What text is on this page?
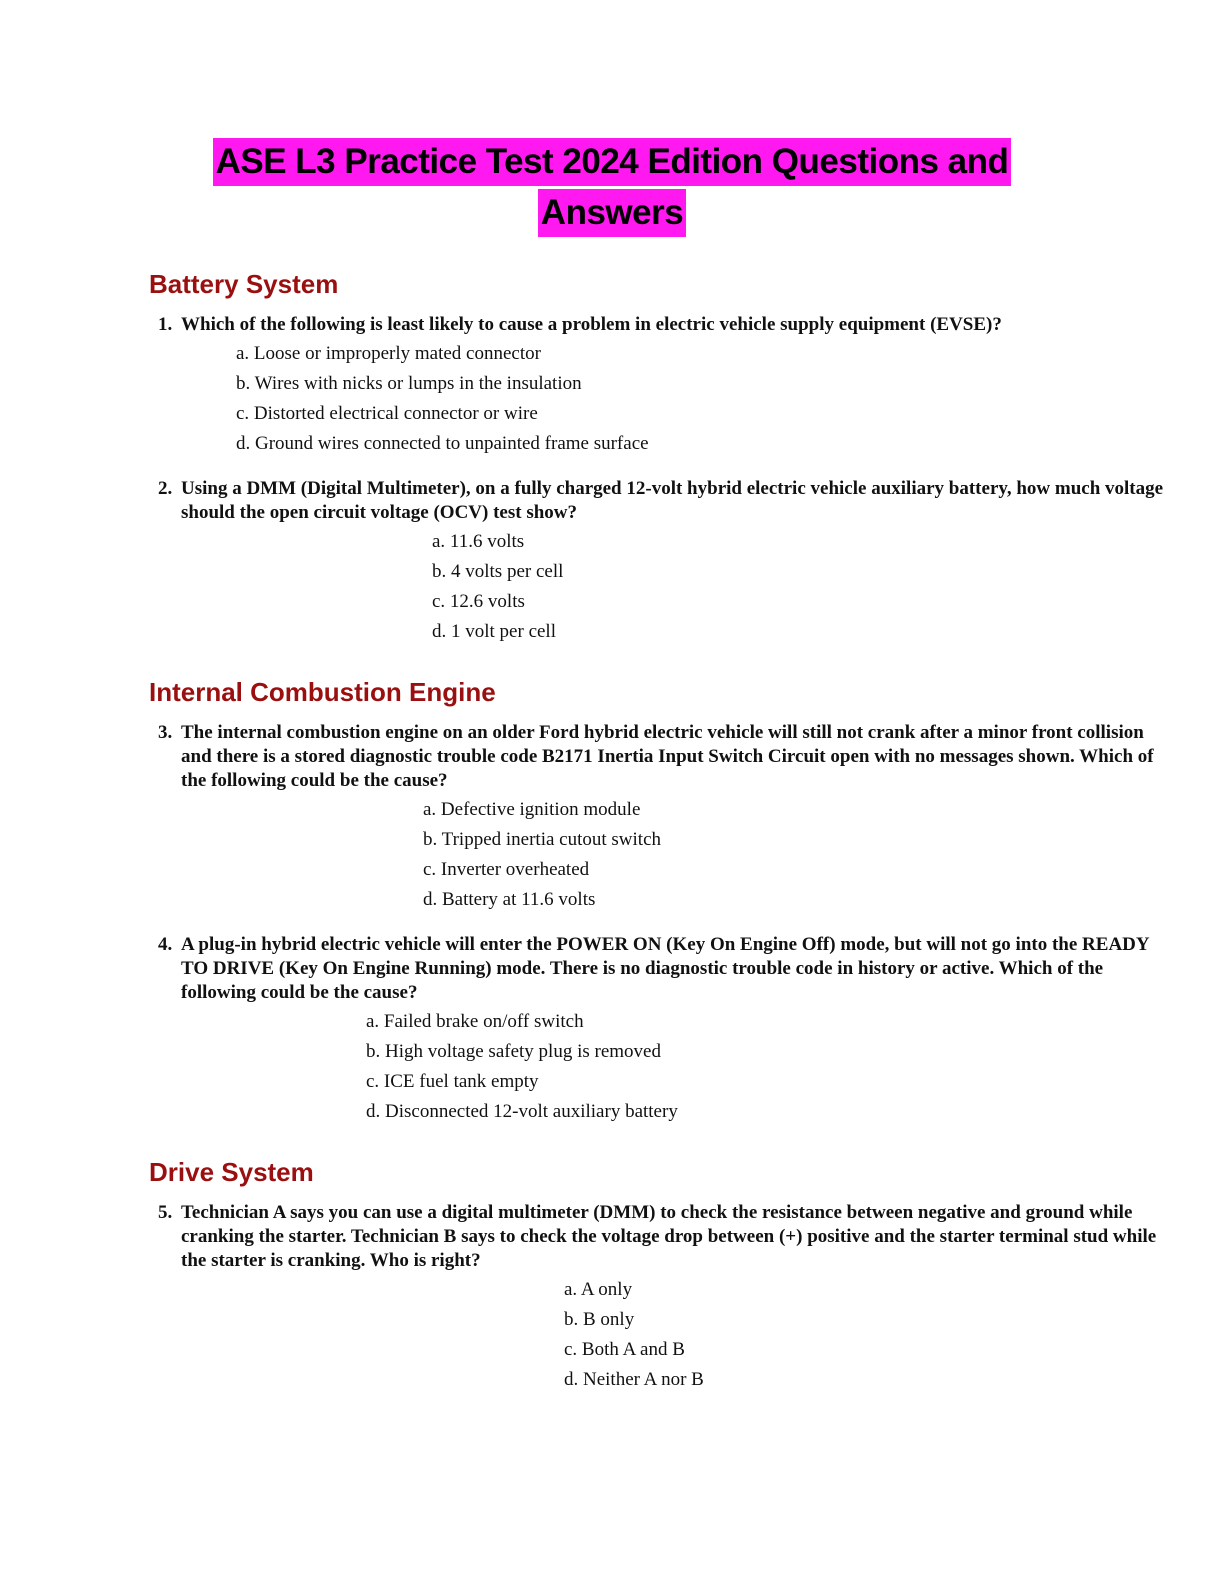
ASE L3 Practice Test 2024 Edition Questions and
Answers
Battery System
1. Which of the following is least likely to cause a problem in electric vehicle supply equipment (EVSE)?
a. Loose or improperly mated connector
b. Wires with nicks or lumps in the insulation
c. Distorted electrical connector or wire
d. Ground wires connected to unpainted frame surface
2. Using a DMM (Digital Multimeter), on a fully charged 12-volt hybrid electric vehicle auxiliary battery, how much voltage should the open circuit voltage (OCV) test show?
a. 11.6 volts
b. 4 volts per cell
c. 12.6 volts
d. 1 volt per cell
Internal Combustion Engine
3. The internal combustion engine on an older Ford hybrid electric vehicle will still not crank after a minor front collision and there is a stored diagnostic trouble code B2171 Inertia Input Switch Circuit open with no messages shown. Which of the following could be the cause?
a. Defective ignition module
b. Tripped inertia cutout switch
c. Inverter overheated
d. Battery at 11.6 volts
4. A plug-in hybrid electric vehicle will enter the POWER ON (Key On Engine Off) mode, but will not go into the READY TO DRIVE (Key On Engine Running) mode. There is no diagnostic trouble code in history or active. Which of the following could be the cause?
a. Failed brake on/off switch
b. High voltage safety plug is removed
c. ICE fuel tank empty
d. Disconnected 12-volt auxiliary battery
Drive System
5. Technician A says you can use a digital multimeter (DMM) to check the resistance between negative and ground while cranking the starter. Technician B says to check the voltage drop between (+) positive and the starter terminal stud while the starter is cranking. Who is right?
a. A only
b. B only
c. Both A and B
d. Neither A nor B
